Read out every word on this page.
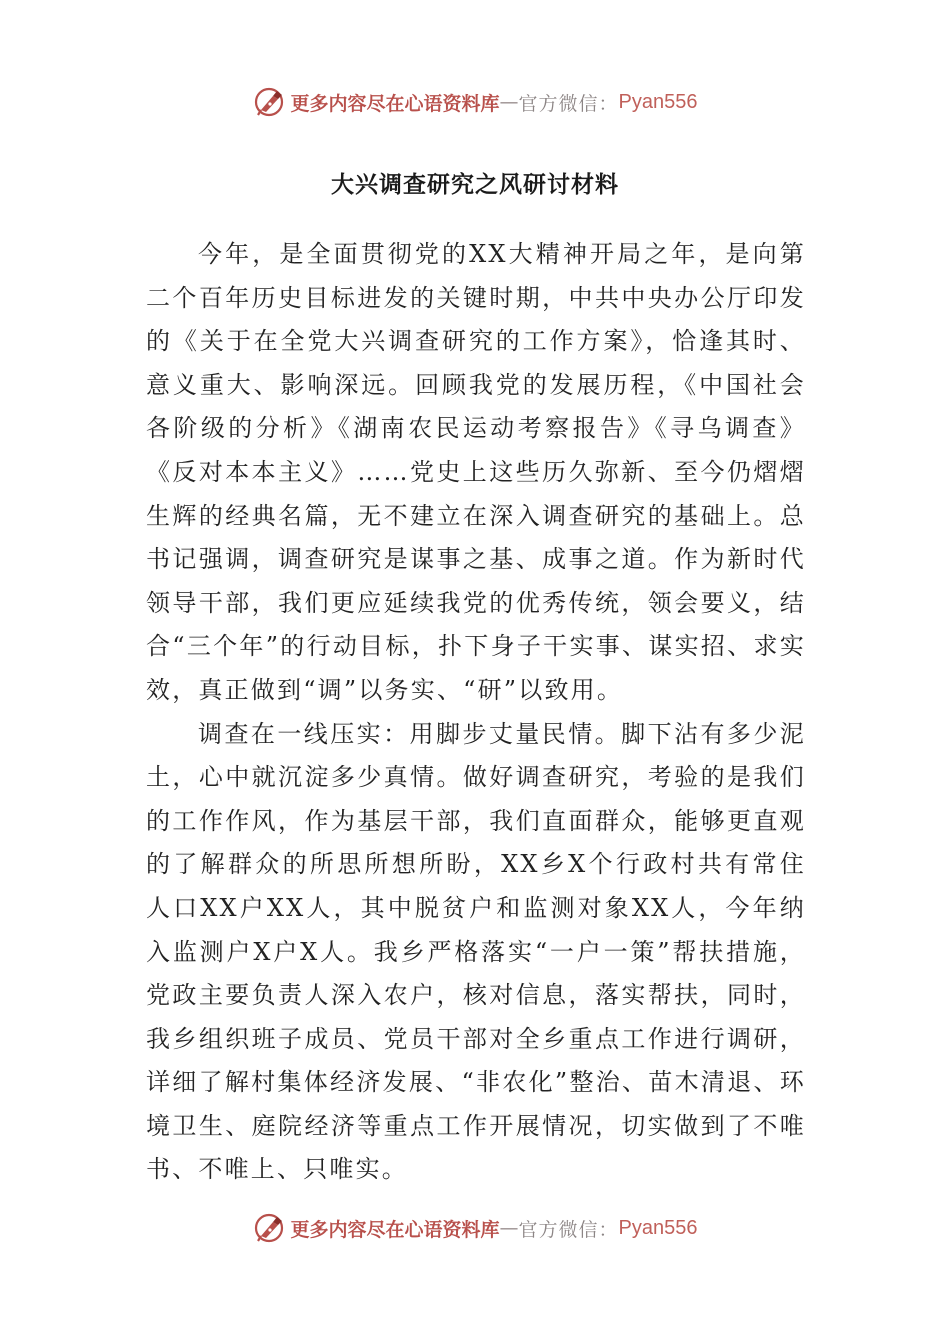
更多内容尽在心语资料库 — 官方微信： Pyan556
大兴调查研究之风研讨材料

今年，是全面贯彻党的XX大精神开局之年，是向第二个百年历史目标进发的关键时期，中共中央办公厅印发的《关于在全党大兴调查研究的工作方案》，恰逢其时、意义重大、影响深远。回顾我党的发展历程，《中国社会各阶级的分析》《湖南农民运动考察报告》《寻乌调查》《反对本本主义》……党史上这些历久弥新、至今仍熠熠生辉的经典名篇，无不建立在深入调查研究的基础上。总书记强调，调查研究是谋事之基、成事之道。作为新时代领导干部，我们更应延续我党的优秀传统，领会要义，结合“三个年”的行动目标，扑下身子干实事、谋实招、求实效，真正做到“调”以务实、“研”以致用。

调查在一线压实：用脚步丈量民情。脚下沾有多少泥土，心中就沉淀多少真情。做好调查研究，考验的是我们的工作作风，作为基层干部，我们直面群众，能够更直观的了解群众的所思所想所盼，XX乡X个行政村共有常住人口XX户XX人，其中脱贫户和监测对象XX人，今年纳入监测户X户X人。我乡严格落实“一户一策”帮扶措施，党政主要负责人深入农户，核对信息，落实帮扶，同时，我乡组织班子成员、党员干部对全乡重点工作进行调研，详细了解村集体经济发展、“非农化”整治、苗木清退、环境卫生、庭院经济等重点工作开展情况，切实做到了不唯书、不唯上、只唯实。

更多内容尽在心语资料库 — 官方微信： Pyan556
